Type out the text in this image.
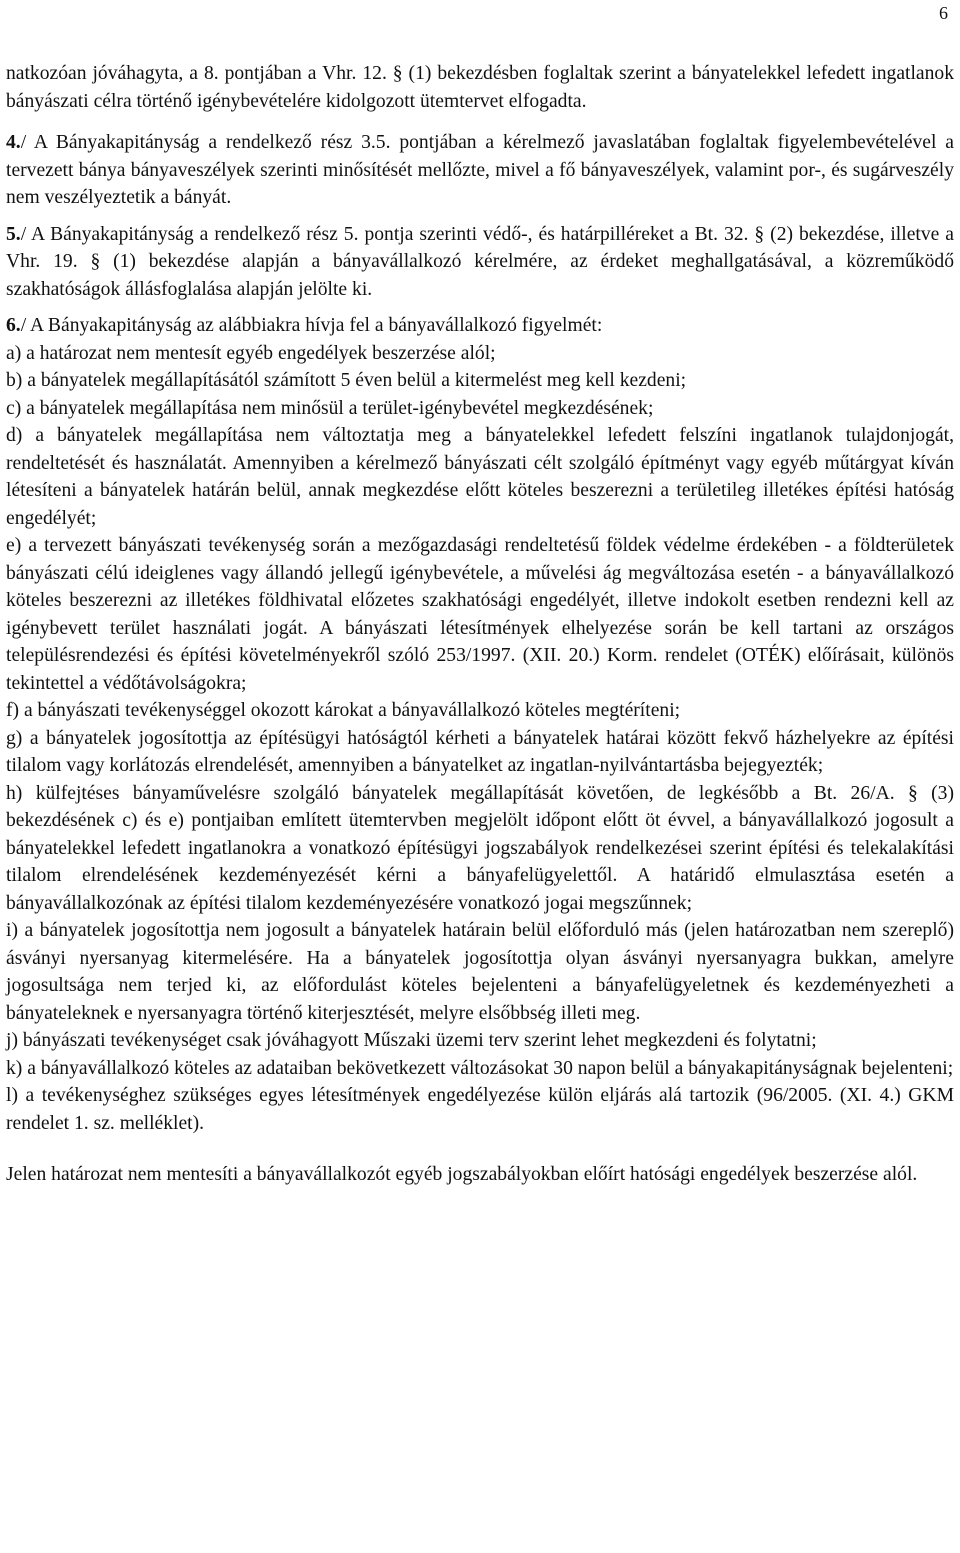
6

natkozóan jóváhagyta, a 8. pontjában a Vhr. 12. § (1) bekezdésben foglaltak szerint a bányatelekkel lefedett ingatlanok bányászati célra történő igénybevételére kidolgozott ütemtervet elfogadta.

4./ A Bányakapitányság a rendelkező rész 3.5. pontjában a kérelmező javaslatában foglaltak figyelembevételével a tervezett bánya bányaveszélyek szerinti minősítését mellőzte, mivel a fő bányaveszélyek, valamint por-, és sugárveszély nem veszélyeztetik a bányát.

5./ A Bányakapitányság a rendelkező rész 5. pontja szerinti védő-, és határpilléreket a Bt. 32. § (2) bekezdése, illetve a Vhr. 19. § (1) bekezdése alapján a bányavállalkozó kérelmére, az érdeket meghallgatásával, a közreműködő szakhatóságok állásfoglalása alapján jelölte ki.

6./ A Bányakapitányság az alábbiakra hívja fel a bányavállalkozó figyelmét:

a) a határozat nem mentesít egyéb engedélyek beszerzése alól;

b) a bányatelek megállapításától számított 5 éven belül a kitermelést meg kell kezdeni;

c) a bányatelek megállapítása nem minősül a terület-igénybevétel megkezdésének;

d) a bányatelek megállapítása nem változtatja meg a bányatelekkel lefedett felszíni ingatlanok tulajdonjogát, rendeltetését és használatát. Amennyiben a kérelmező bányászati célt szolgáló építményt vagy egyéb műtárgyat kíván létesíteni a bányatelek határán belül, annak megkezdése előtt köteles beszerezni a területileg illetékes építési hatóság engedélyét;

e) a tervezett bányászati tevékenység során a mezőgazdasági rendeltetésű földek védelme érdekében - a földterületek bányászati célú ideiglenes vagy állandó jellegű igénybevétele, a művelési ág megváltozása esetén - a bányavállalkozó köteles beszerezni az illetékes földhivatal előzetes szakhatósági engedélyét, illetve indokolt esetben rendezni kell az igénybevett terület használati jogát. A bányászati létesítmények elhelyezése során be kell tartani az országos településrendezési és építési követelményekről szóló 253/1997. (XII. 20.) Korm. rendelet (OTÉK) előírásait, különös tekintettel a védőtávolságokra;

f) a bányászati tevékenységgel okozott károkat a bányavállalkozó köteles megtéríteni;

g) a bányatelek jogosítottja az építésügyi hatóságtól kérheti a bányatelek határai között fekvő házhelyekre az építési tilalom vagy korlátozás elrendelését, amennyiben a bányatelket az ingatlan-nyilvántartásba bejegyezték;

h) külfejtéses bányaművelésre szolgáló bányatelek megállapítását követően, de legkésőbb a Bt. 26/A. § (3) bekezdésének c) és e) pontjaiban említett ütemtervben megjelölt időpont előtt öt évvel, a bányavállalkozó jogosult a bányatelekkel lefedett ingatlanokra a vonatkozó építésügyi jogszabályok rendelkezései szerint építési és telekalakítási tilalom elrendelésének kezdeményezését kérni a bányafelügyelettől. A határidő elmulasztása esetén a bányavállalkozónak az építési tilalom kezdeményezésére vonatkozó jogai megszűnnek;

i) a bányatelek jogosítottja nem jogosult a bányatelek határain belül előforduló más (jelen határozatban nem szereplő) ásványi nyersanyag kitermelésére. Ha a bányatelek jogosítottja olyan ásványi nyersanyagra bukkan, amelyre jogosultsága nem terjed ki, az előfordulást köteles bejelenteni a bányafelügyeletnek és kezdeményezheti a bányateleknek e nyersanyagra történő kiterjesztését, melyre elsőbbség illeti meg.

j) bányászati tevékenységet csak jóváhagyott Műszaki üzemi terv szerint lehet megkezdeni és folytatni;

k) a bányavállalkozó köteles az adataiban bekövetkezett változásokat 30 napon belül a bányakapitányságnak bejelenteni;

l) a tevékenységhez szükséges egyes létesítmények engedélyezése külön eljárás alá tartozik (96/2005. (XI. 4.) GKM rendelet 1. sz. melléklet).

Jelen határozat nem mentesíti a bányavállalkozót egyéb jogszabályokban előírt hatósági engedélyek beszerzése alól.
